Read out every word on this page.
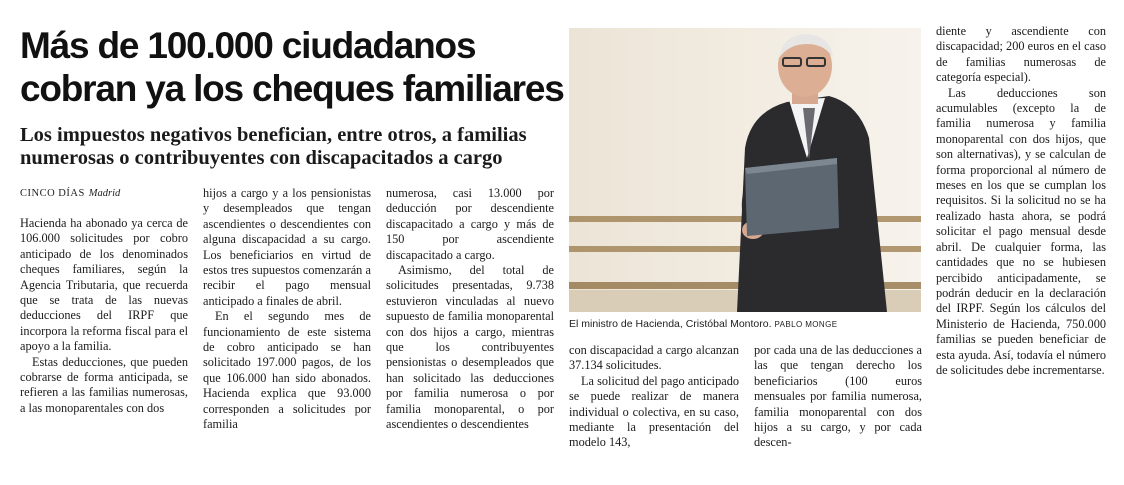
Más de 100.000 ciudadanos cobran ya los cheques familiares
Los impuestos negativos benefician, entre otros, a familias numerosas o contribuyentes con discapacitados a cargo
CINCO DÍAS Madrid

Hacienda ha abonado ya cerca de 106.000 solicitudes por cobro anticipado de los denominados cheques familiares, según la Agencia Tributaria, que recuerda que se trata de las nuevas deducciones del IRPF que incorpora la reforma fiscal para el apoyo a la familia.

Estas deducciones, que pueden cobrarse de forma anticipada, se refieren a las familias numerosas, a las monoparentales con dos

hijos a cargo y a los pensionistas y desempleados que tengan ascendientes o descendientes con alguna discapacidad a su cargo. Los beneficiarios en virtud de estos tres supuestos comenzarán a recibir el pago mensual anticipado a finales de abril.

En el segundo mes de funcionamiento de este sistema de cobro anticipado se han solicitado 197.000 pagos, de los que 106.000 han sido abonados. Hacienda explica que 93.000 corresponden a solicitudes por familia

numerosa, casi 13.000 por deducción por descendiente discapacitado a cargo y más de 150 por ascendiente discapacitado a cargo.

Asimismo, del total de solicitudes presentadas, 9.738 estuvieron vinculadas al nuevo supuesto de familia monoparental con dos hijos a cargo, mientras que los contribuyentes pensionistas o desempleados que han solicitado las deducciones por familia numerosa o por familia monoparental, o por ascendientes o descendientes

El ministro de Hacienda, Cristóbal Montoro. PABLO MONGE

con discapacidad a cargo alcanzan 37.134 solicitudes.

La solicitud del pago anticipado se puede realizar de manera individual o colectiva, en su caso, mediante la presentación del modelo 143,

por cada una de las deducciones a las que tengan derecho los beneficiarios (100 euros mensuales por familia numerosa, familia monoparental con dos hijos a su cargo, y por cada descen-

diente y ascendiente con discapacidad; 200 euros en el caso de familias numerosas de categoría especial).

Las deducciones son acumulables (excepto la de familia numerosa y familia monoparental con dos hijos, que son alternativas), y se calculan de forma proporcional al número de meses en los que se cumplan los requisitos. Si la solicitud no se ha realizado hasta ahora, se podrá solicitar el pago mensual desde abril. De cualquier forma, las cantidades que no se hubiesen percibido anticipadamente, se podrán deducir en la declaración del IRPF. Según los cálculos del Ministerio de Hacienda, 750.000 familias se pueden beneficiar de esta ayuda. Así, todavía el número de solicitudes debe incrementarse.
